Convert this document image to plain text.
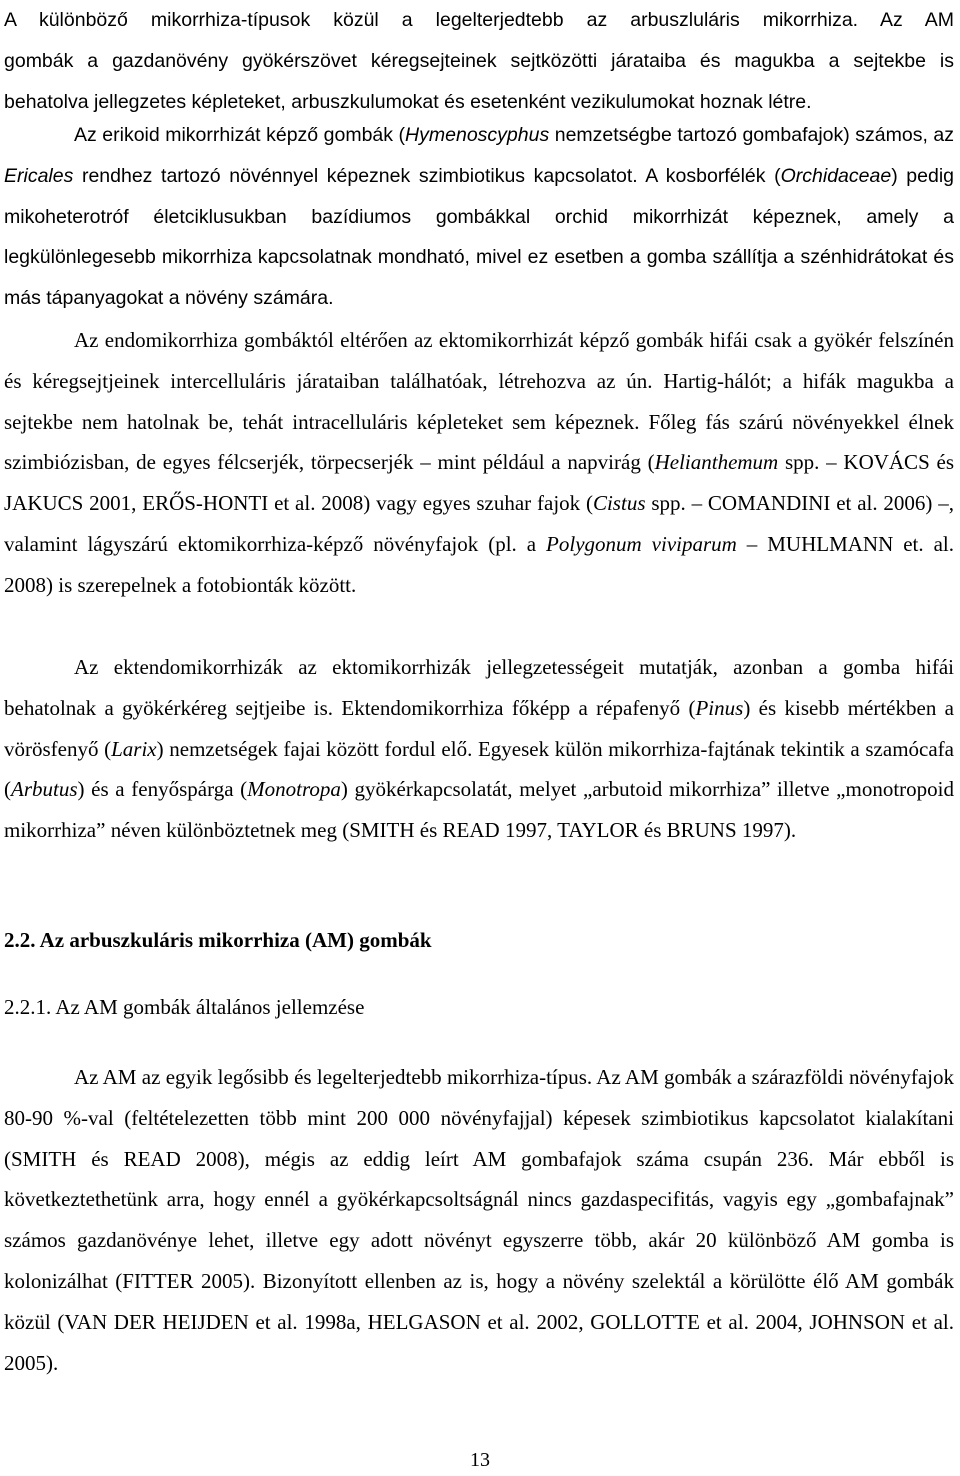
A különböző mikorrhiza-típusok közül a legelterjedtebb az arbuszluláris mikorrhiza. Az AM
gombák a gazdanövény gyökérszövet kéregsejteinek sejtközötti járataiba és magukba a sejtekbe is
behatolva jellegzetes képleteket, arbuszkulumokat és esetenként vezikulumokat hoznak létre.

Az erikoid mikorrhizát képző gombák (Hymenoscyphus nemzetségbe tartozó gombafajok) számos, az Ericales rendhez tartozó növénnyel képeznek szimbiotikus kapcsolatot. A kosborfélék (Orchidaceae) pedig mikoheterotróf életciklusukban bazídiumos gombákkal orchid mikorrhizát képeznek, amely a legkülönlegesebb mikorrhiza kapcsolatnak mondható, mivel ez esetben a gomba szállítja a szénhidrátokat és más tápanyagokat a növény számára.

Az endomikorrhiza gombáktól eltérően az ektomikorrhizát képző gombák hifái csak a gyökér felszínén és kéregsejtjeinek intercelluláris járataiban találhatóak, létrehozva az ún. Hartig-hálót; a hifák magukba a sejtekbe nem hatolnak be, tehát intracelluláris képleteket sem képeznek. Főleg fás szárú növényekkel élnek szimbiózisban, de egyes félcserjék, törpecserjék – mint például a napvirág (Helianthemum spp. – KOVÁCS és JAKUCS 2001, ERŐS-HONTI et al. 2008) vagy egyes szuhar fajok (Cistus spp. – COMANDINI et al. 2006) –, valamint lágyszárú ektomikorrhiza-képző növényfajok (pl. a Polygonum viviparum – MUHLMANN et. al. 2008) is szerepelnek a fotobionták között.

Az ektendomikorrhizák az ektomikorrhizák jellegzetességeit mutatják, azonban a gomba hifái behatolnak a gyökérkéreg sejtjeibe is. Ektendomikorrhiza főképp a répafenyő (Pinus) és kisebb mértékben a vörösfenyő (Larix) nemzetségek fajai között fordul elő. Egyesek külön mikorrhiza-fajtának tekintik a szamócafa (Arbutus) és a fenyőspárga (Monotropa) gyökérkapcsolatát, melyet „arbutoid mikorrhiza” illetve „monotropoid mikorrhiza” néven különböztetnek meg (SMITH és READ 1997, TAYLOR és BRUNS 1997).

2.2. Az arbuszkuláris mikorrhiza (AM) gombák

2.2.1. Az AM gombák általános jellemzése

Az AM az egyik legősibb és legelterjedtebb mikorrhiza-típus. Az AM gombák a szárazföldi növényfajok 80-90 %-val (feltételezetten több mint 200 000 növényfajjal) képesek szimbiotikus kapcsolatot kialakítani (SMITH és READ 2008), mégis az eddig leírt AM gombafajok száma csupán 236. Már ebből is következtethetünk arra, hogy ennél a gyökérkapcsoltságnál nincs gazdaspecifitás, vagyis egy „gombafajnak” számos gazdanövénye lehet, illetve egy adott növényt egyszerre több, akár 20 különböző AM gomba is kolonizálhat (FITTER 2005). Bizonyított ellenben az is, hogy a növény szelektál a körülötte élő AM gombák közül (VAN DER HEIJDEN et al. 1998a, HELGASON et al. 2002, GOLLOTTE et al. 2004, JOHNSON et al. 2005).

13
